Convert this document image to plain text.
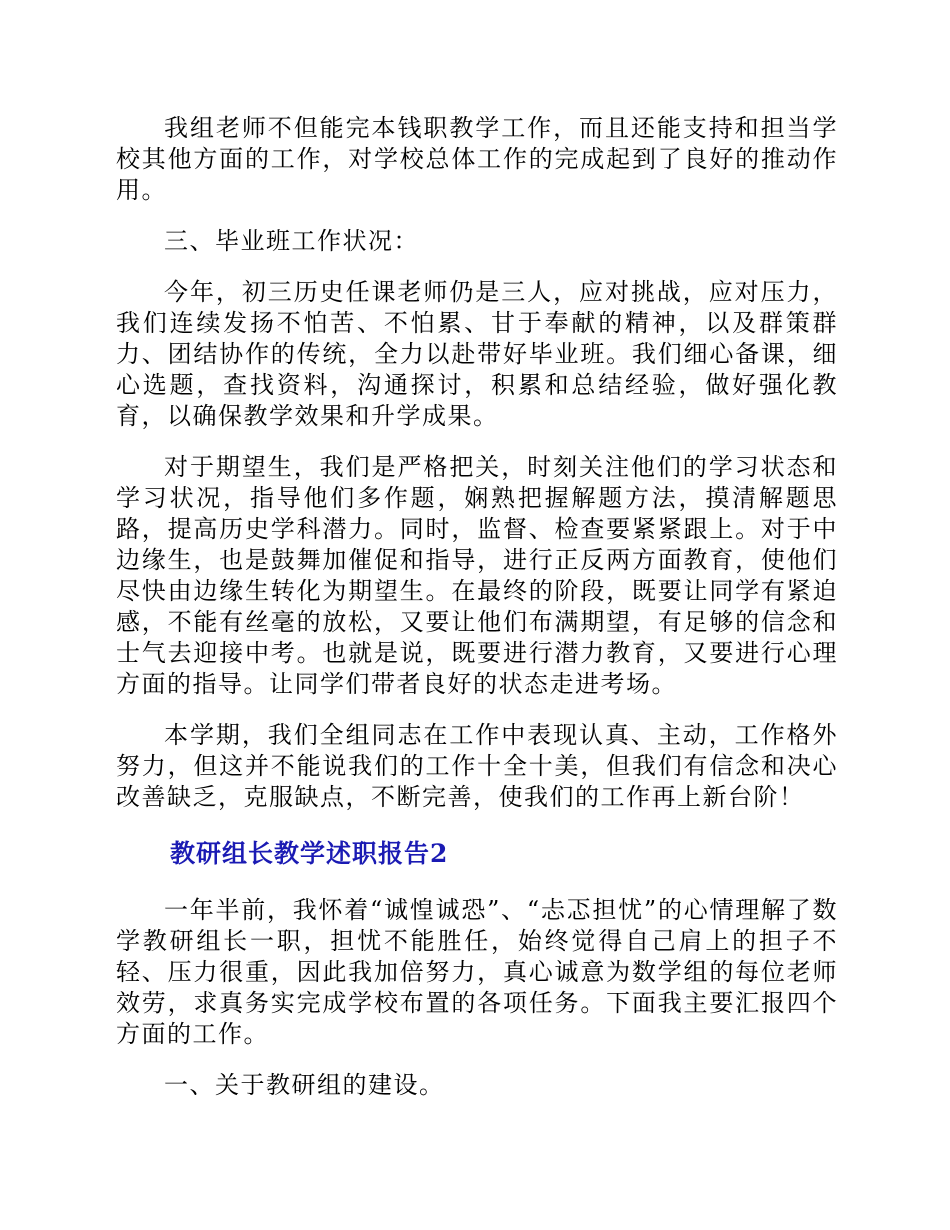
我组老师不但能完本钱职教学工作，而且还能支持和担当学校其他方面的工作，对学校总体工作的完成起到了良好的推动作用。

三、毕业班工作状况：

今年，初三历史任课老师仍是三人，应对挑战，应对压力，我们连续发扬不怕苦、不怕累、甘于奉献的精神，以及群策群力、团结协作的传统，全力以赴带好毕业班。我们细心备课，细心选题，查找资料，沟通探讨，积累和总结经验，做好强化教育，以确保教学效果和升学成果。

对于期望生，我们是严格把关，时刻关注他们的学习状态和学习状况，指导他们多作题，娴熟把握解题方法，摸清解题思路，提高历史学科潜力。同时，监督、检查要紧紧跟上。对于中边缘生，也是鼓舞加催促和指导，进行正反两方面教育，使他们尽快由边缘生转化为期望生。在最终的阶段，既要让同学有紧迫感，不能有丝毫的放松，又要让他们布满期望，有足够的信念和士气去迎接中考。也就是说，既要进行潜力教育，又要进行心理方面的指导。让同学们带者良好的状态走进考场。

本学期，我们全组同志在工作中表现认真、主动，工作格外努力，但这并不能说我们的工作十全十美，但我们有信念和决心改善缺乏，克服缺点，不断完善，使我们的工作再上新台阶！

教研组长教学述职报告2

一年半前，我怀着“诚惶诚恐”、“忐忑担忧”的心情理解了数学教研组长一职，担忧不能胜任，始终觉得自己肩上的担子不轻、压力很重，因此我加倍努力，真心诚意为数学组的每位老师效劳，求真务实完成学校布置的各项任务。下面我主要汇报四个方面的工作。

一、关于教研组的建设。
